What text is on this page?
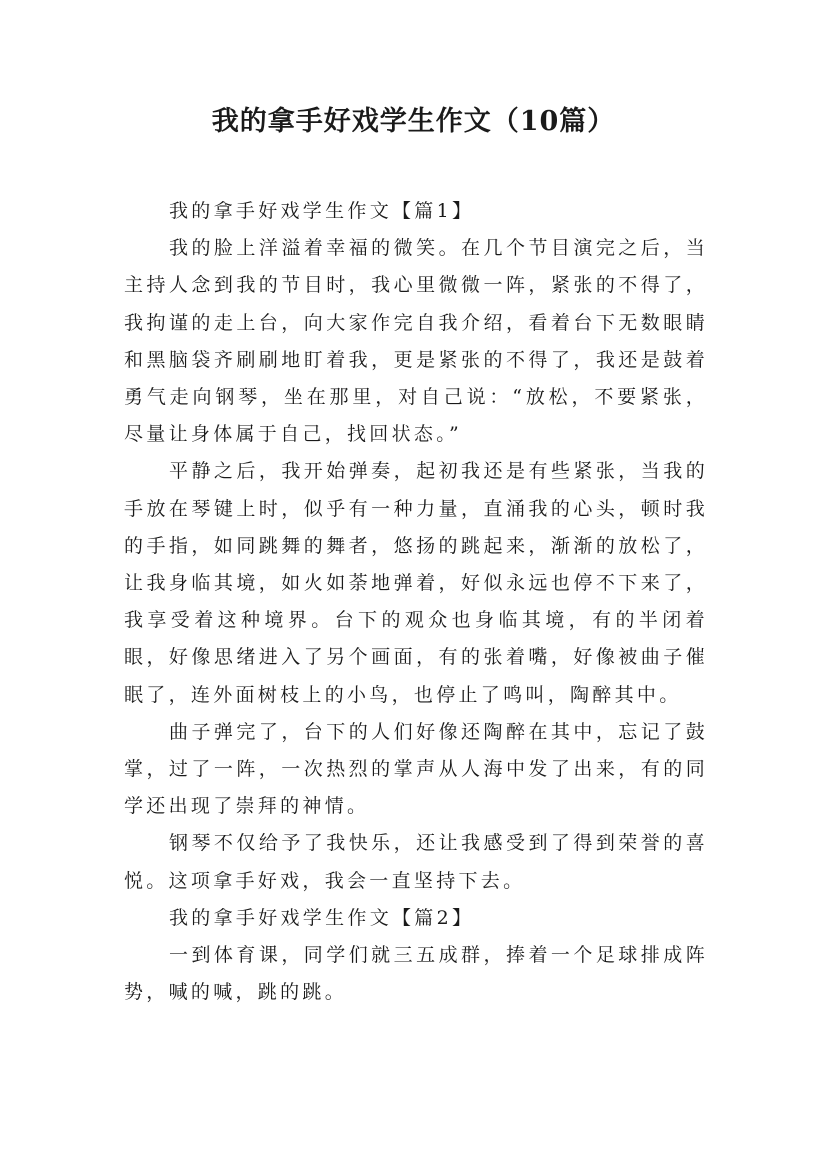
我的拿手好戏学生作文（10篇）

我的拿手好戏学生作文【篇1】

我的脸上洋溢着幸福的微笑。在几个节目演完之后，当主持人念到我的节目时，我心里微微一阵，紧张的不得了，我拘谨的走上台，向大家作完自我介绍，看着台下无数眼睛和黑脑袋齐刷刷地盯着我，更是紧张的不得了，我还是鼓着勇气走向钢琴，坐在那里，对自己说：“放松，不要紧张，尽量让身体属于自己，找回状态。”

平静之后，我开始弹奏，起初我还是有些紧张，当我的手放在琴键上时，似乎有一种力量，直涌我的心头，顿时我的手指，如同跳舞的舞者，悠扬的跳起来，渐渐的放松了，让我身临其境，如火如荼地弹着，好似永远也停不下来了，我享受着这种境界。台下的观众也身临其境，有的半闭着眼，好像思绪进入了另个画面，有的张着嘴，好像被曲子催眠了，连外面树枝上的小鸟，也停止了鸣叫，陶醉其中。

曲子弹完了，台下的人们好像还陶醉在其中，忘记了鼓掌，过了一阵，一次热烈的掌声从人海中发了出来，有的同学还出现了崇拜的神情。

钢琴不仅给予了我快乐，还让我感受到了得到荣誉的喜悦。这项拿手好戏，我会一直坚持下去。

我的拿手好戏学生作文【篇2】

一到体育课，同学们就三五成群，捧着一个足球排成阵势，喊的喊，跳的跳。
